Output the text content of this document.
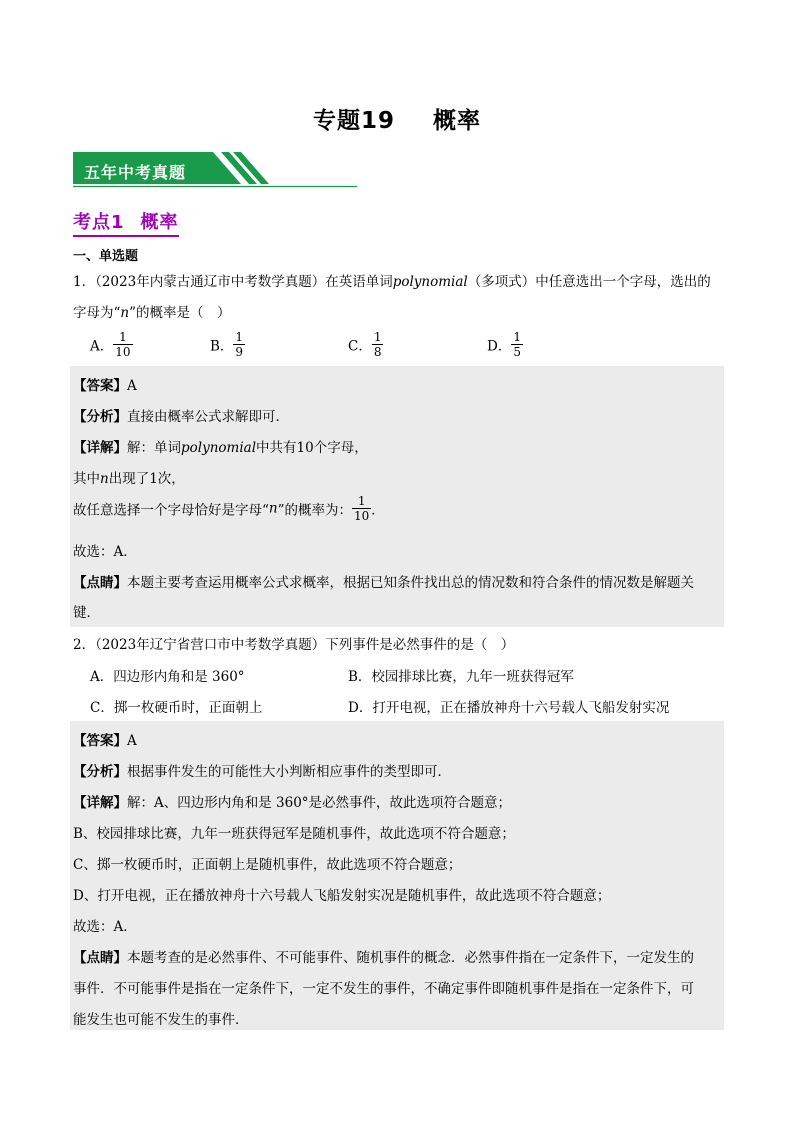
专题19 概率
五年中考真题
考点1 概率
一、单选题
1．（2023年内蒙古通辽市中考数学真题）在英语单词polynomial（多项式）中任意选出一个字母，选出的
字母为“n”的概率是（　）
A． $\frac{1}{10}$	B． $\frac{1}{9}$	C． $\frac{1}{8}$	D． $\frac{1}{5}$
【答案】A
【分析】直接由概率公式求解即可．
【详解】解：单词polynomial中共有10个字母，
其中n出现了1次，
故任意选择一个字母恰好是字母“n”的概率为： $\frac{1}{10}$ ．
故选：A．
【点睛】本题主要考查运用概率公式求概率，根据已知条件找出总的情况数和符合条件的情况数是解题关
键．
2．（2023年辽宁省营口市中考数学真题）下列事件是必然事件的是（　）
A．四边形内角和是 360°	B．校园排球比赛，九年一班获得冠军
C．掷一枚硬币时，正面朝上	D．打开电视，正在播放神舟十六号载人飞船发射实况
【答案】A
【分析】根据事件发生的可能性大小判断相应事件的类型即可．
【详解】解：A、四边形内角和是 360°是必然事件，故此选项符合题意；
B、校园排球比赛，九年一班获得冠军是随机事件，故此选项不符合题意；
C、掷一枚硬币时，正面朝上是随机事件，故此选项不符合题意；
D、打开电视，正在播放神舟十六号载人飞船发射实况是随机事件，故此选项不符合题意；
故选：A．
【点睛】本题考查的是必然事件、不可能事件、随机事件的概念．必然事件指在一定条件下，一定发生的
事件．不可能事件是指在一定条件下，一定不发生的事件，不确定事件即随机事件是指在一定条件下，可
能发生也可能不发生的事件．
